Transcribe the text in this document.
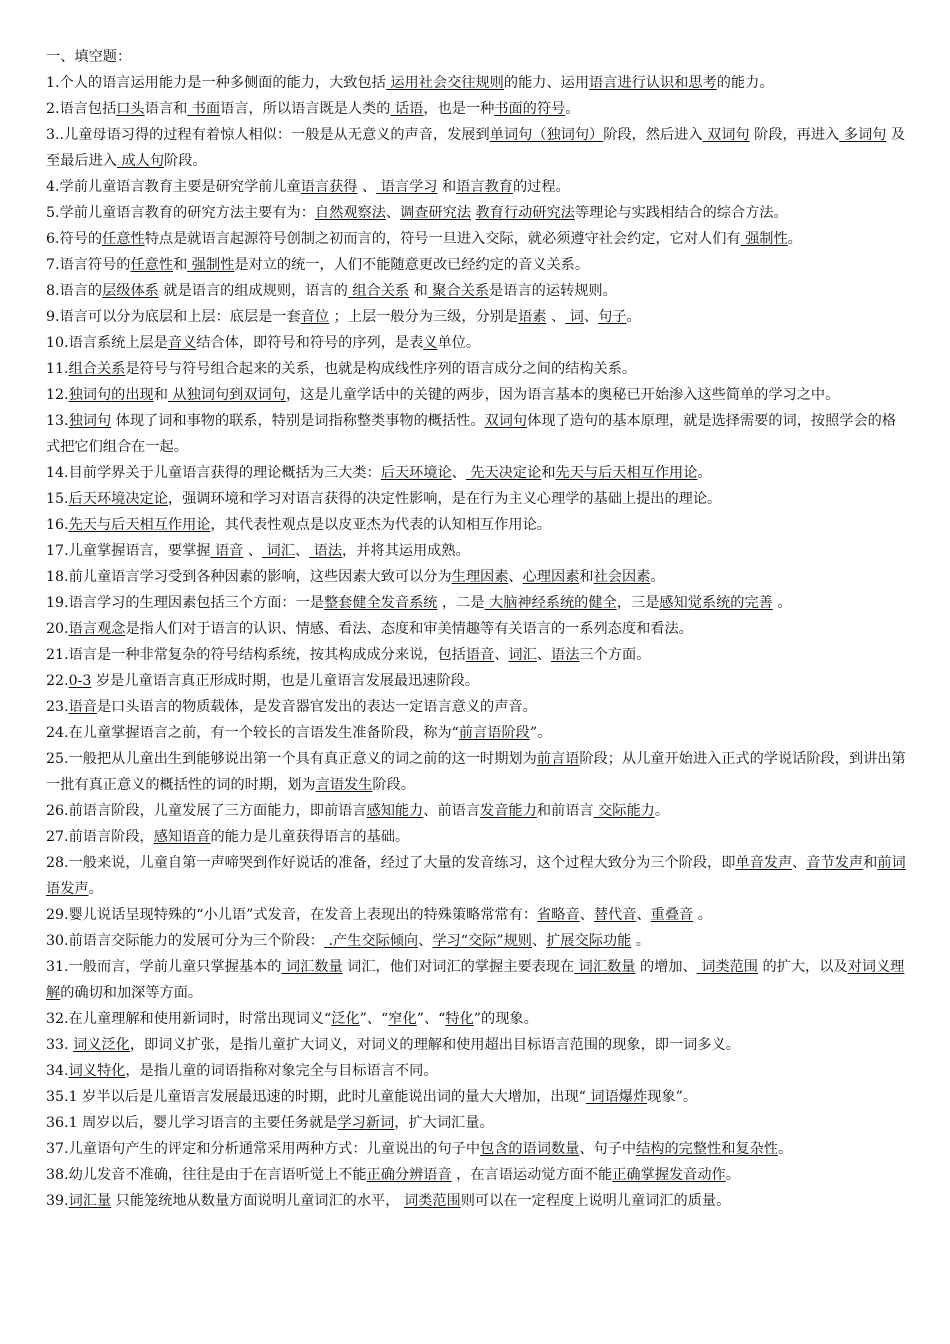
一、填空题：
1.个人的语言运用能力是一种多侧面的能力，大致包括 运用社会交往规则的能力、运用语言进行认识和思考的能力。
2.语言包括口头语言和 书面语言，所以语言既是人类的 话语，也是一种书面的符号。
3..儿童母语习得的过程有着惊人相似：一般是从无意义的声音，发展到单词句（独词句）阶段，然后进入 双词句 阶段，再进入 多词句 及至最后进入 成人句阶段。
4.学前儿童语言教育主要是研究学前儿童语言获得 、 语言学习 和语言教育的过程。
5.学前儿童语言教育的研究方法主要有为：自然观察法、调查研究法 教育行动研究法等理论与实践相结合的综合方法。
6.符号的任意性特点是就语言起源符号创制之初而言的，符号一旦进入交际，就必须遵守社会约定，它对人们有 强制性。
7.语言符号的任意性和 强制性是对立的统一，人们不能随意更改已经约定的音义关系。
8.语言的层级体系 就是语言的组成规则，语言的 组合关系 和 聚合关系是语言的运转规则。
9.语言可以分为底层和上层：底层是一套音位 ；上层一般分为三级，分别是语素 、 词、句子。
10.语言系统上层是音义结合体，即符号和符号的序列，是表义单位。
11.组合关系是符号与符号组合起来的关系，也就是构成线性序列的语言成分之间的结构关系。
12.独词句的出现和 从独词句到双词句，这是儿童学话中的关键的两步，因为语言基本的奥秘已开始渗入这些简单的学习之中。
13.独词句 体现了词和事物的联系，特别是词指称整类事物的概括性。双词句体现了造句的基本原理，就是选择需要的词，按照学会的格式把它们组合在一起。
14.目前学界关于儿童语言获得的理论概括为三大类：后天环境论、 先天决定论和先天与后天相互作用论。
15.后天环境决定论，强调环境和学习对语言获得的决定性影响，是在行为主义心理学的基础上提出的理论。
16.先天与后天相互作用论，其代表性观点是以皮亚杰为代表的认知相互作用论。
17.儿童掌握语言，要掌握 语音 、 词汇、 语法，并将其运用成熟。
18.前儿童语言学习受到各种因素的影响，这些因素大致可以分为生理因素、心理因素和社会因素。
19.语言学习的生理因素包括三个方面：一是整套健全发音系统 ，二是 大脑神经系统的健全，三是感知觉系统的完善 。
20.语言观念是指人们对于语言的认识、情感、看法、态度和审美情趣等有关语言的一系列态度和看法。
21.语言是一种非常复杂的符号结构系统，按其构成成分来说，包括语音、词汇、语法三个方面。
22.0-3 岁是儿童语言真正形成时期，也是儿童语言发展最迅速阶段。
23.语音是口头语言的物质载体，是发音器官发出的表达一定语言意义的声音。
24.在儿童掌握语言之前，有一个较长的言语发生准备阶段，称为“前言语阶段”。
25.一般把从儿童出生到能够说出第一个具有真正意义的词之前的这一时期划为前言语阶段；从儿童开始进入正式的学说话阶段，到讲出第一批有真正意义的概括性的词的时期，划为言语发生阶段。
26.前语言阶段，儿童发展了三方面能力，即前语言感知能力、前语言发音能力和前语言 交际能力。
27.前语言阶段，感知语音的能力是儿童获得语言的基础。
28.一般来说，儿童自第一声啼哭到作好说话的准备，经过了大量的发音练习，这个过程大致分为三个阶段，即单音发声、音节发声和前词语发声。
29.婴儿说话呈现特殊的“小儿语”式发音，在发音上表现出的特殊策略常常有：省略音、替代音、重叠音 。
30.前语言交际能力的发展可分为三个阶段： .产生交际倾向、学习“交际”规则、扩展交际功能 。
31.一般而言，学前儿童只掌握基本的 词汇数量 词汇，他们对词汇的掌握主要表现在 词汇数量 的增加、 词类范围 的扩大，以及对词义理解的确切和加深等方面。
32.在儿童理解和使用新词时，时常出现词义“泛化”、“窄化”、“特化”的现象。
33. 词义泛化，即词义扩张，是指儿童扩大词义，对词义的理解和使用超出目标语言范围的现象，即一词多义。
34.词义特化，是指儿童的词语指称对象完全与目标语言不同。
35.1 岁半以后是儿童语言发展最迅速的时期，此时儿童能说出词的量大大增加，出现“ 词语爆炸现象”。
36.1 周岁以后，婴儿学习语言的主要任务就是学习新词，扩大词汇量。
37.儿童语句产生的评定和分析通常采用两种方式：儿童说出的句子中包含的语词数量、句子中结构的完整性和复杂性。
38.幼儿发音不准确，往往是由于在言语听觉上不能正确分辨语音 ，在言语运动觉方面不能正确掌握发音动作。
39.词汇量 只能笼统地从数量方面说明儿童词汇的水平， 词类范围则可以在一定程度上说明儿童词汇的质量。
